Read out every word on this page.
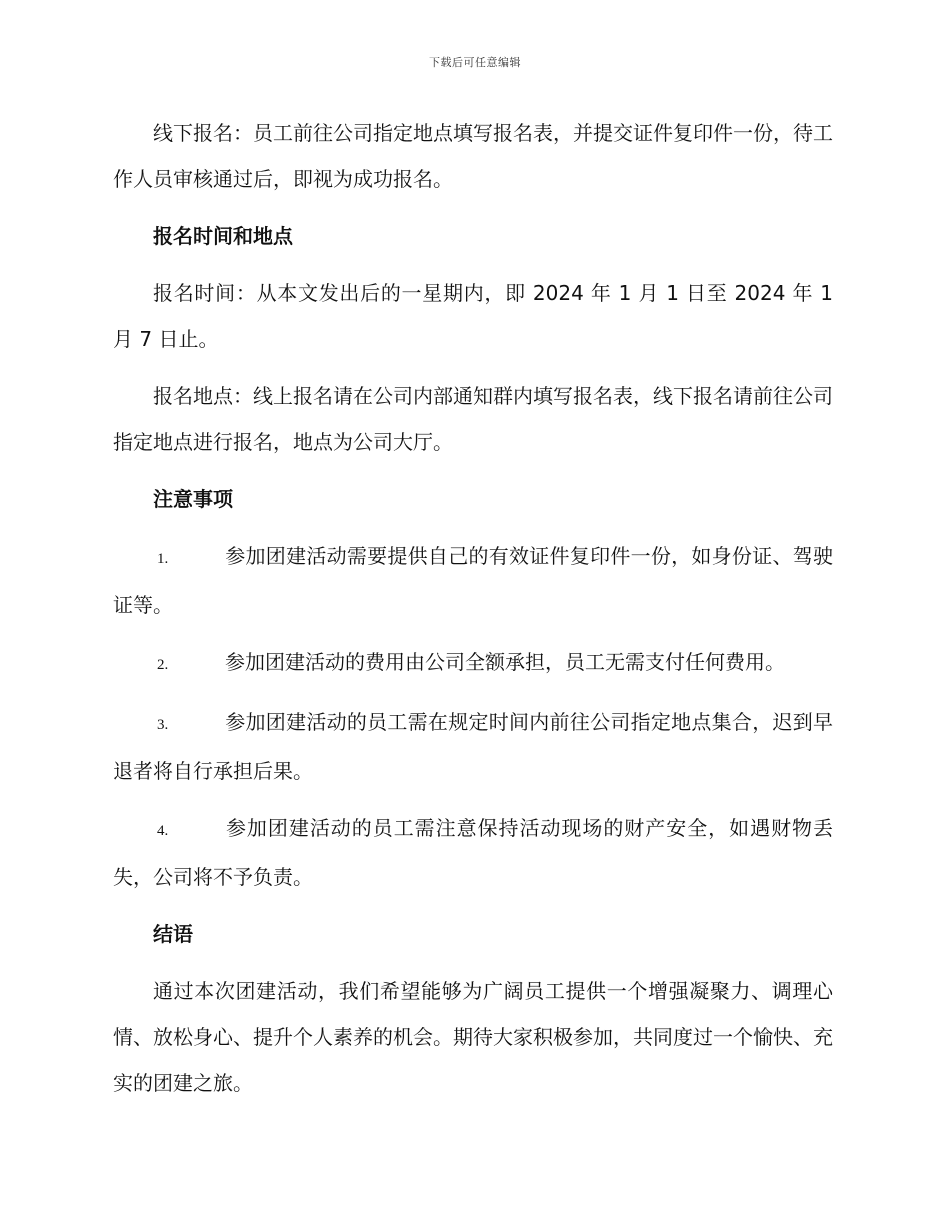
下载后可任意编辑

线下报名：员工前往公司指定地点填写报名表，并提交证件复印件一份，待工作人员审核通过后，即视为成功报名。

报名时间和地点

报名时间：从本文发出后的一星期内，即 2024 年 1 月 1 日至 2024 年 1 月 7 日止。

报名地点：线上报名请在公司内部通知群内填写报名表，线下报名请前往公司指定地点进行报名，地点为公司大厅。

注意事项

1.	参加团建活动需要提供自己的有效证件复印件一份，如身份证、驾驶证等。

2.	参加团建活动的费用由公司全额承担，员工无需支付任何费用。

3.	参加团建活动的员工需在规定时间内前往公司指定地点集合，迟到早退者将自行承担后果。

4.	参加团建活动的员工需注意保持活动现场的财产安全，如遇财物丢失，公司将不予负责。

结语

通过本次团建活动，我们希望能够为广阔员工提供一个增强凝聚力、调理心情、放松身心、提升个人素养的机会。期待大家积极参加，共同度过一个愉快、充实的团建之旅。
